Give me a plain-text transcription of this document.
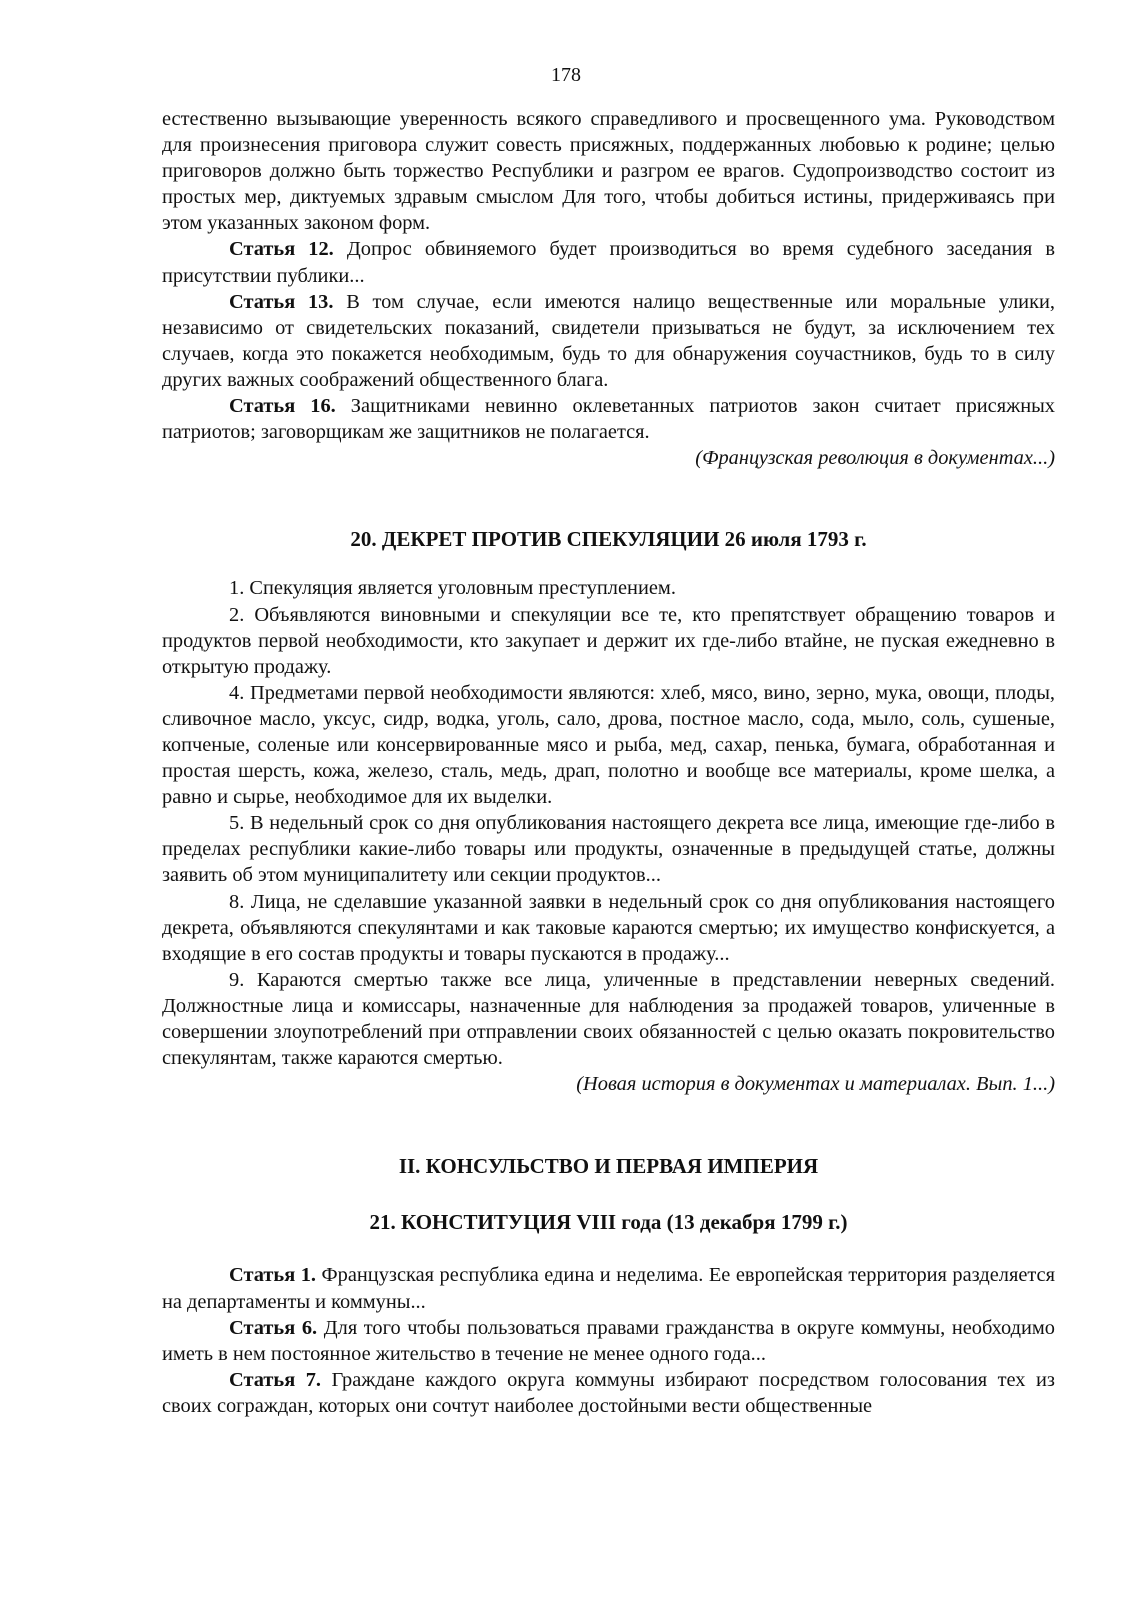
178

естественно вызывающие уверенность всякого справедливого и просвещенного ума. Руководством для произнесения приговора служит совесть присяжных, поддержанных любовью к родине; целью приговоров должно быть торжество Республики и разгром ее врагов. Судопроизводство состоит из простых мер, диктуемых здравым смыслом Для того, чтобы добиться истины, придерживаясь при этом указанных законом форм.

Статья 12. Допрос обвиняемого будет производиться во время судебного заседания в присутствии публики...

Статья 13. В том случае, если имеются налицо вещественные или моральные улики, независимо от свидетельских показаний, свидетели призываться не будут, за исключением тех случаев, когда это покажется необходимым, будь то для обнаружения соучастников, будь то в силу других важных соображений общественного блага.

Статья 16. Защитниками невинно оклеветанных патриотов закон считает присяжных патриотов; заговорщикам же защитников не полагается.

(Французская революция в документах...)

20. ДЕКРЕТ ПРОТИВ СПЕКУЛЯЦИИ 26 июля 1793 г.

1. Спекуляция является уголовным преступлением.

2. Объявляются виновными и спекуляции все те, кто препятствует обращению товаров и продуктов первой необходимости, кто закупает и держит их где-либо втайне, не пуская ежедневно в открытую продажу.

4. Предметами первой необходимости являются: хлеб, мясо, вино, зерно, мука, овощи, плоды, сливочное масло, уксус, сидр, водка, уголь, сало, дрова, постное масло, сода, мыло, соль, сушеные, копченые, соленые или консервированные мясо и рыба, мед, сахар, пенька, бумага, обработанная и простая шерсть, кожа, железо, сталь, медь, драп, полотно и вообще все материалы, кроме шелка, а равно и сырье, необходимое для их выделки.

5. В недельный срок со дня опубликования настоящего декрета все лица, имеющие где-либо в пределах республики какие-либо товары или продукты, означенные в предыдущей статье, должны заявить об этом муниципалитету или секции продуктов...

8. Лица, не сделавшие указанной заявки в недельный срок со дня опубликования настоящего декрета, объявляются спекулянтами и как таковые караются смертью; их имущество конфискуется, а входящие в его состав продукты и товары пускаются в продажу...

9. Караются смертью также все лица, уличенные в представлении неверных сведений. Должностные лица и комиссары, назначенные для наблюдения за продажей товаров, уличенные в совершении злоупотреблений при отправлении своих обязанностей с целью оказать покровительство спекулянтам, также караются смертью.

(Новая история в документах и материалах. Вып. 1...)

II. КОНСУЛЬСТВО И ПЕРВАЯ ИМПЕРИЯ

21. КОНСТИТУЦИЯ VIII года (13 декабря 1799 г.)

Статья 1. Французская республика едина и неделима. Ее европейская территория разделяется на департаменты и коммуны...

Статья 6. Для того чтобы пользоваться правами гражданства в округе коммуны, необходимо иметь в нем постоянное жительство в течение не менее одного года...

Статья 7. Граждане каждого округа коммуны избирают посредством голосования тех из своих сограждан, которых они сочтут наиболее достойными вести общественные
